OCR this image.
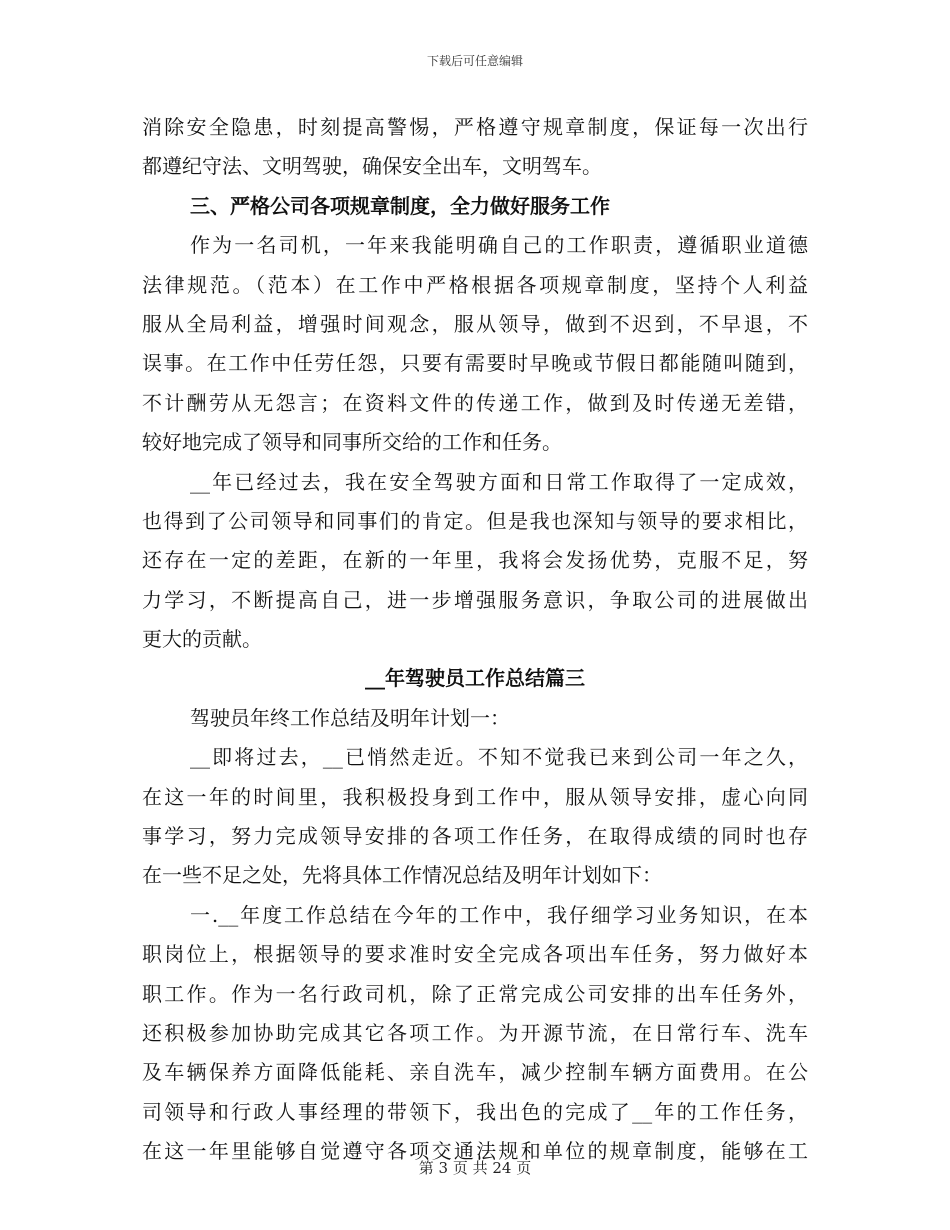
下载后可任意编辑
消除安全隐患，时刻提高警惕，严格遵守规章制度，保证每一次出行
都遵纪守法、文明驾驶，确保安全出车，文明驾车。
三、严格公司各项规章制度，全力做好服务工作
作为一名司机，一年来我能明确自己的工作职责，遵循职业道德
法律规范。（范本）在工作中严格根据各项规章制度，坚持个人利益
服从全局利益，增强时间观念，服从领导，做到不迟到，不早退，不
误事。在工作中任劳任怨，只要有需要时早晚或节假日都能随叫随到，
不计酬劳从无怨言；在资料文件的传递工作，做到及时传递无差错，
较好地完成了领导和同事所交给的工作和任务。
__年已经过去，我在安全驾驶方面和日常工作取得了一定成效，
也得到了公司领导和同事们的肯定。但是我也深知与领导的要求相比，
还存在一定的差距，在新的一年里，我将会发扬优势，克服不足，努
力学习，不断提高自己，进一步增强服务意识，争取公司的进展做出
更大的贡献。
__年驾驶员工作总结篇三
驾驶员年终工作总结及明年计划一：
__即将过去，__已悄然走近。不知不觉我已来到公司一年之久，
在这一年的时间里，我积极投身到工作中，服从领导安排，虚心向同
事学习，努力完成领导安排的各项工作任务，在取得成绩的同时也存
在一些不足之处，先将具体工作情况总结及明年计划如下：
一.__年度工作总结在今年的工作中，我仔细学习业务知识，在本
职岗位上，根据领导的要求准时安全完成各项出车任务，努力做好本
职工作。作为一名行政司机，除了正常完成公司安排的出车任务外，
还积极参加协助完成其它各项工作。为开源节流，在日常行车、洗车
及车辆保养方面降低能耗、亲自洗车，减少控制车辆方面费用。在公
司领导和行政人事经理的带领下，我出色的完成了__年的工作任务，
在这一年里能够自觉遵守各项交通法规和单位的规章制度，能够在工
第 3 页 共 24 页
